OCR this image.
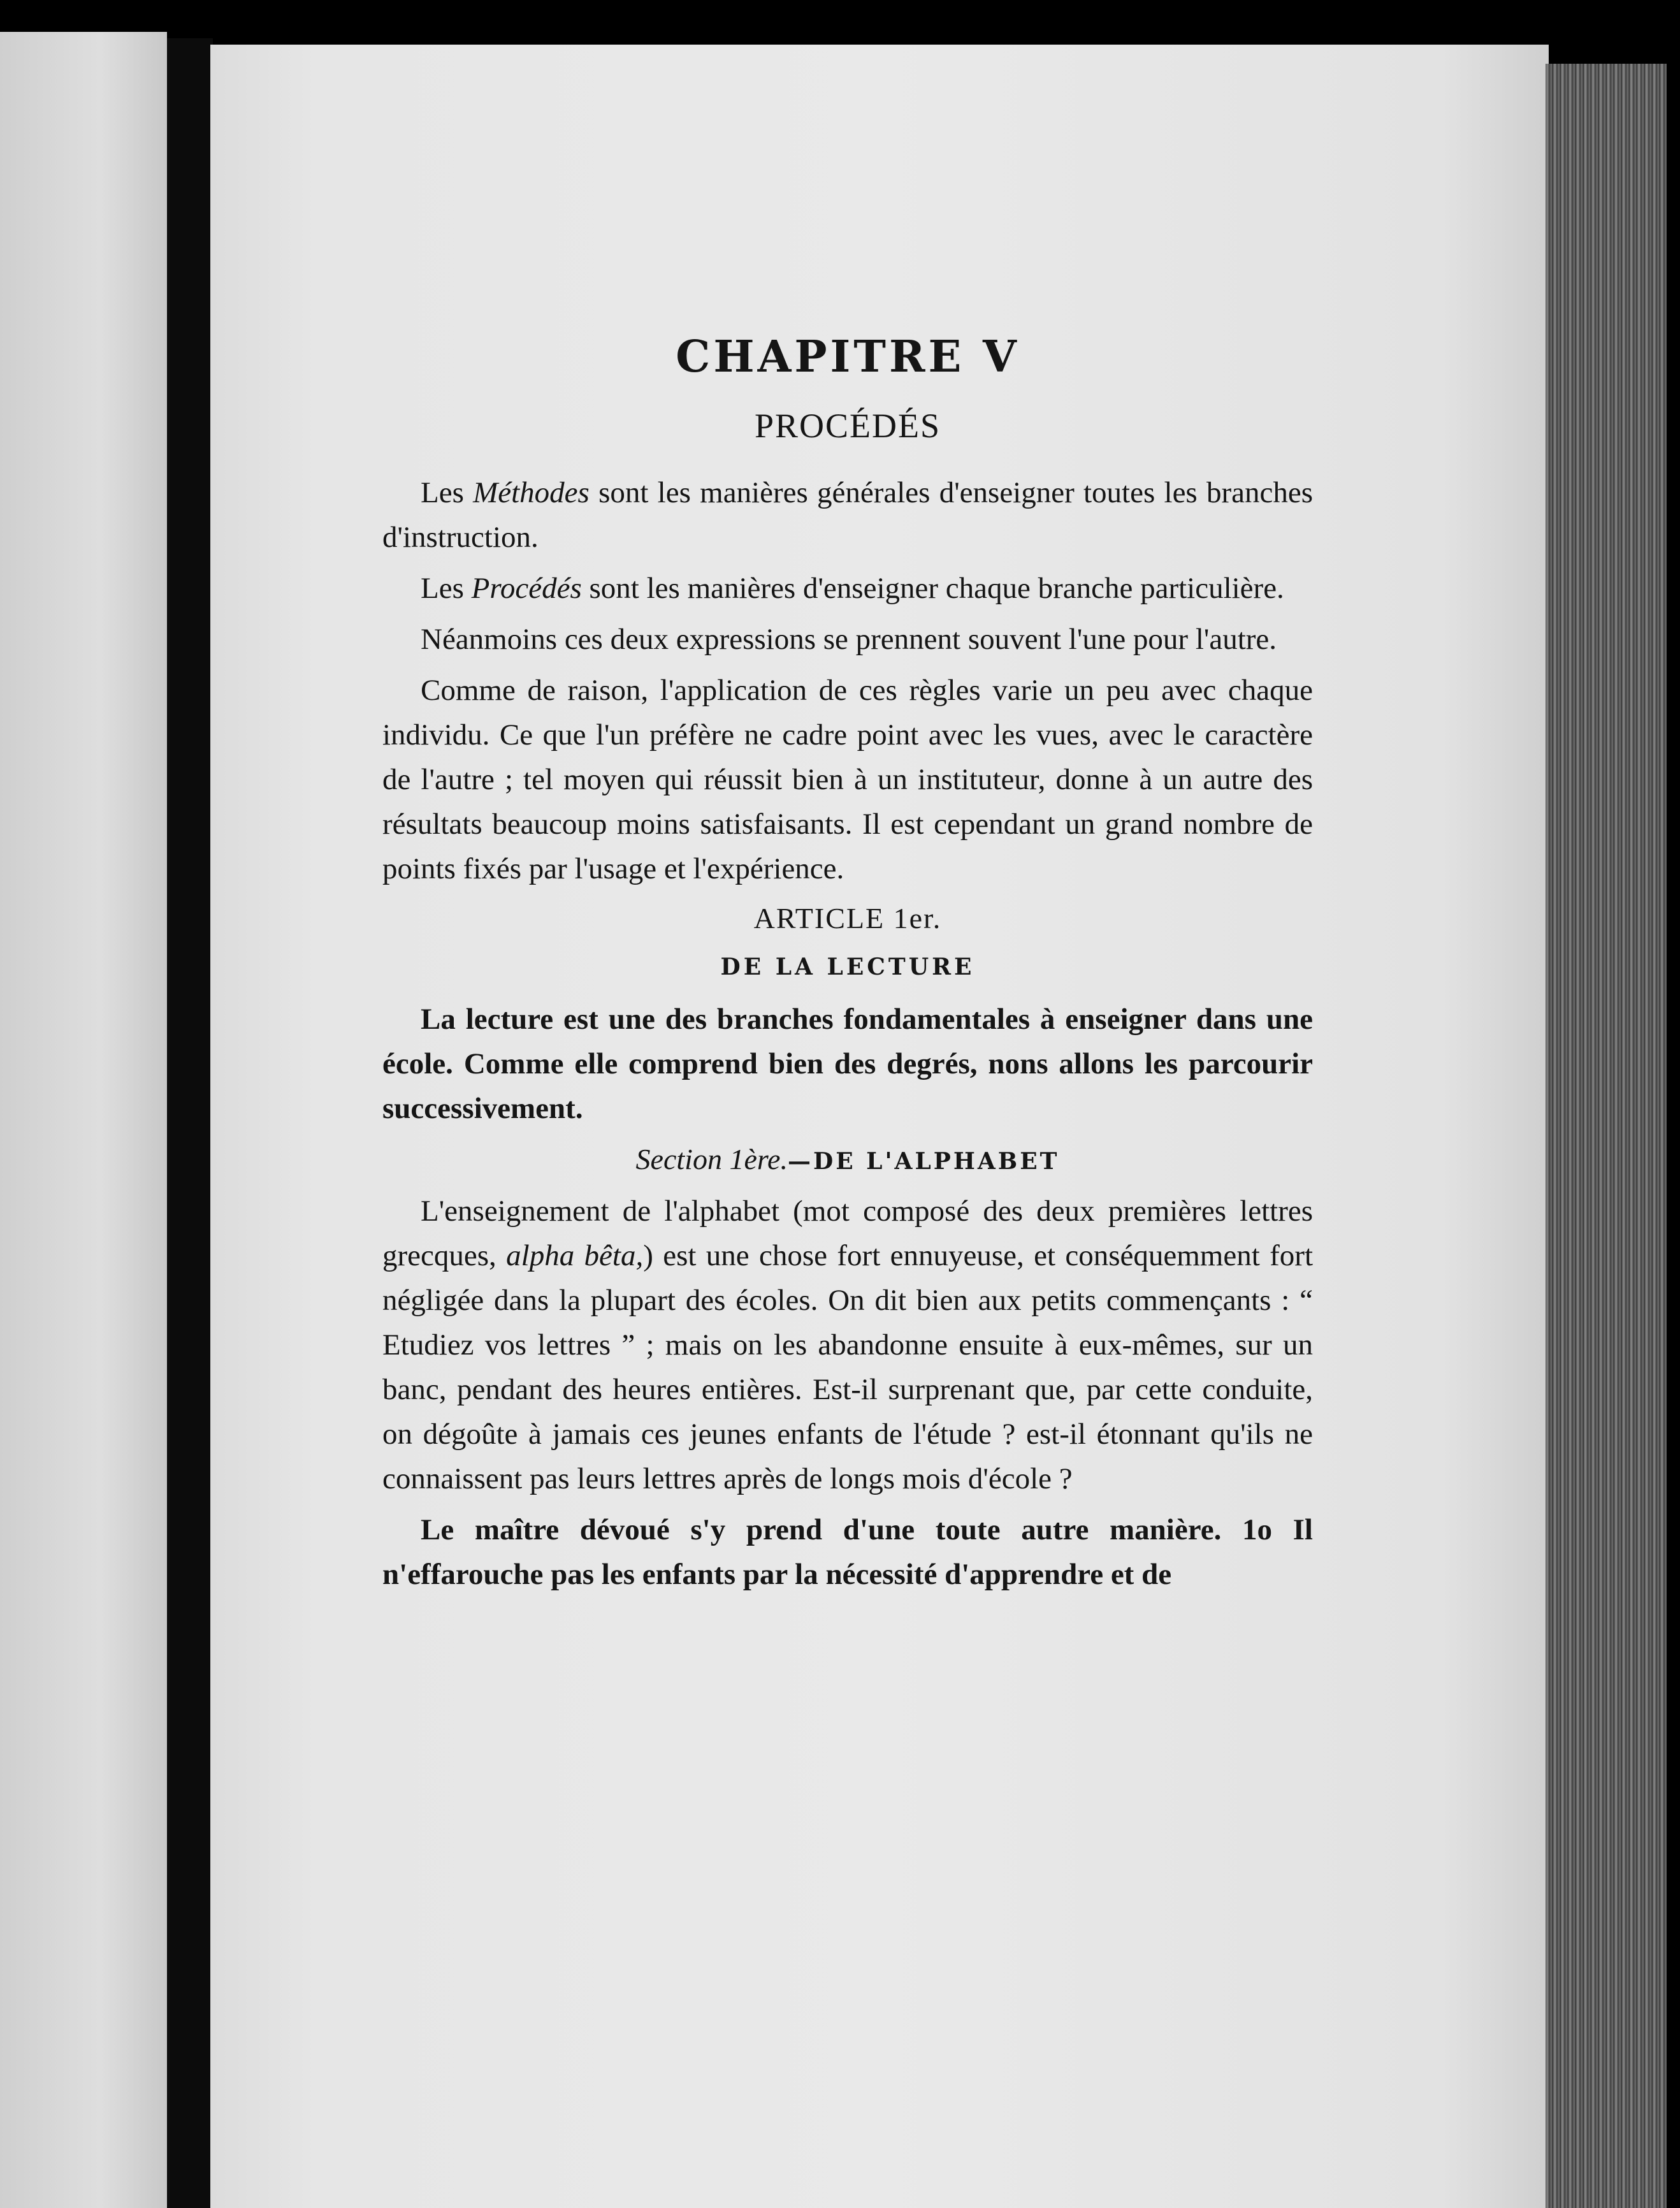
CHAPITRE V
PROCÉDÉS

Les Méthodes sont les manières générales d'enseigner toutes les branches d'instruction.

Les Procédés sont les manières d'enseigner chaque branche particulière.

Néanmoins ces deux expressions se prennent souvent l'une pour l'autre.

Comme de raison, l'application de ces règles varie un peu avec chaque individu. Ce que l'un préfère ne cadre point avec les vues, avec le caractère de l'autre ; tel moyen qui réussit bien à un instituteur, donne à un autre des résultats beaucoup moins satisfaisants. Il est cependant un grand nombre de points fixés par l'usage et l'expérience.

ARTICLE 1er.
DE LA LECTURE

La lecture est une des branches fondamentales à enseigner dans une école. Comme elle comprend bien des degrés, nons allons les parcourir successivement.

Section 1ère.—DE L'ALPHABET

L'enseignement de l'alphabet (mot composé des deux premières lettres grecques, alpha bêta,) est une chose fort ennuyeuse, et conséquemment fort négligée dans la plupart des écoles. On dit bien aux petits commençants : “ Etudiez vos lettres ” ; mais on les abandonne ensuite à eux-mêmes, sur un banc, pendant des heures entières. Est-il surprenant que, par cette conduite, on dégoûte à jamais ces jeunes enfants de l'étude ? est-il étonnant qu'ils ne connaissent pas leurs lettres après de longs mois d'école ?

Le maître dévoué s'y prend d'une toute autre manière. 1o Il n'effarouche pas les enfants par la nécessité d'apprendre et de
